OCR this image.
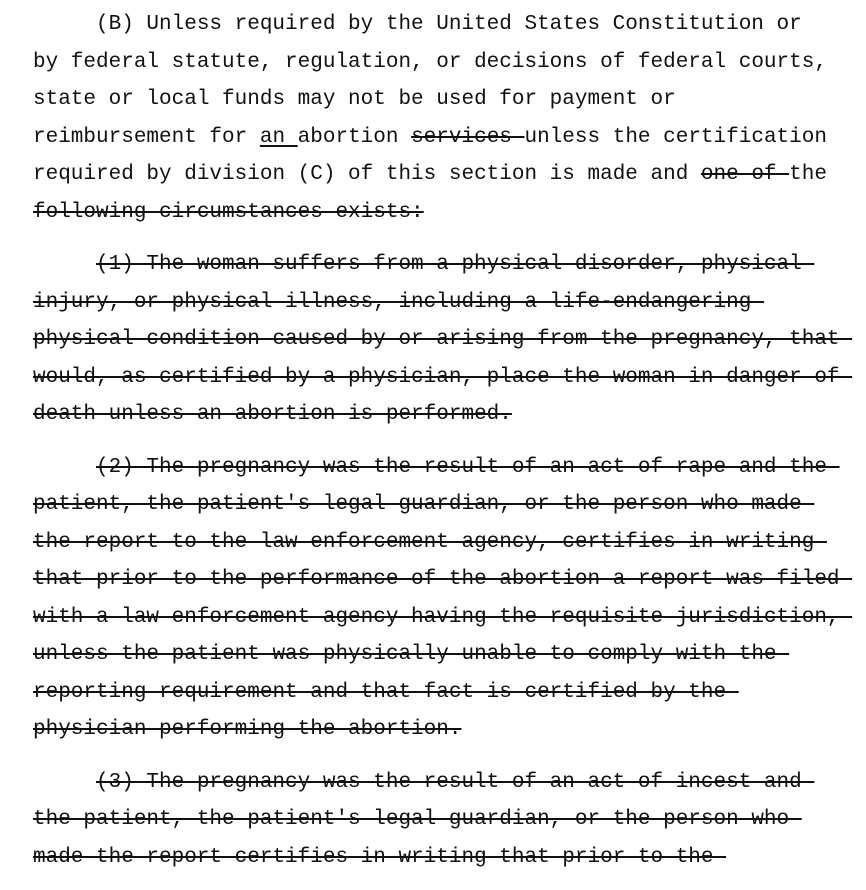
(B) Unless required by the United States Constitution or
by federal statute, regulation, or decisions of federal courts,
state or local funds may not be used for payment or
reimbursement for an abortion services unless the certification
required by division (C) of this section is made and one of the
following circumstances exists:
(1) The woman suffers from a physical disorder, physical
injury, or physical illness, including a life-endangering
physical condition caused by or arising from the pregnancy, that
would, as certified by a physician, place the woman in danger of
death unless an abortion is performed.
(2) The pregnancy was the result of an act of rape and the
patient, the patient's legal guardian, or the person who made
the report to the law enforcement agency, certifies in writing
that prior to the performance of the abortion a report was filed
with a law enforcement agency having the requisite jurisdiction,
unless the patient was physically unable to comply with the
reporting requirement and that fact is certified by the
physician performing the abortion.
(3) The pregnancy was the result of an act of incest and
the patient, the patient's legal guardian, or the person who
made the report certifies in writing that prior to the
